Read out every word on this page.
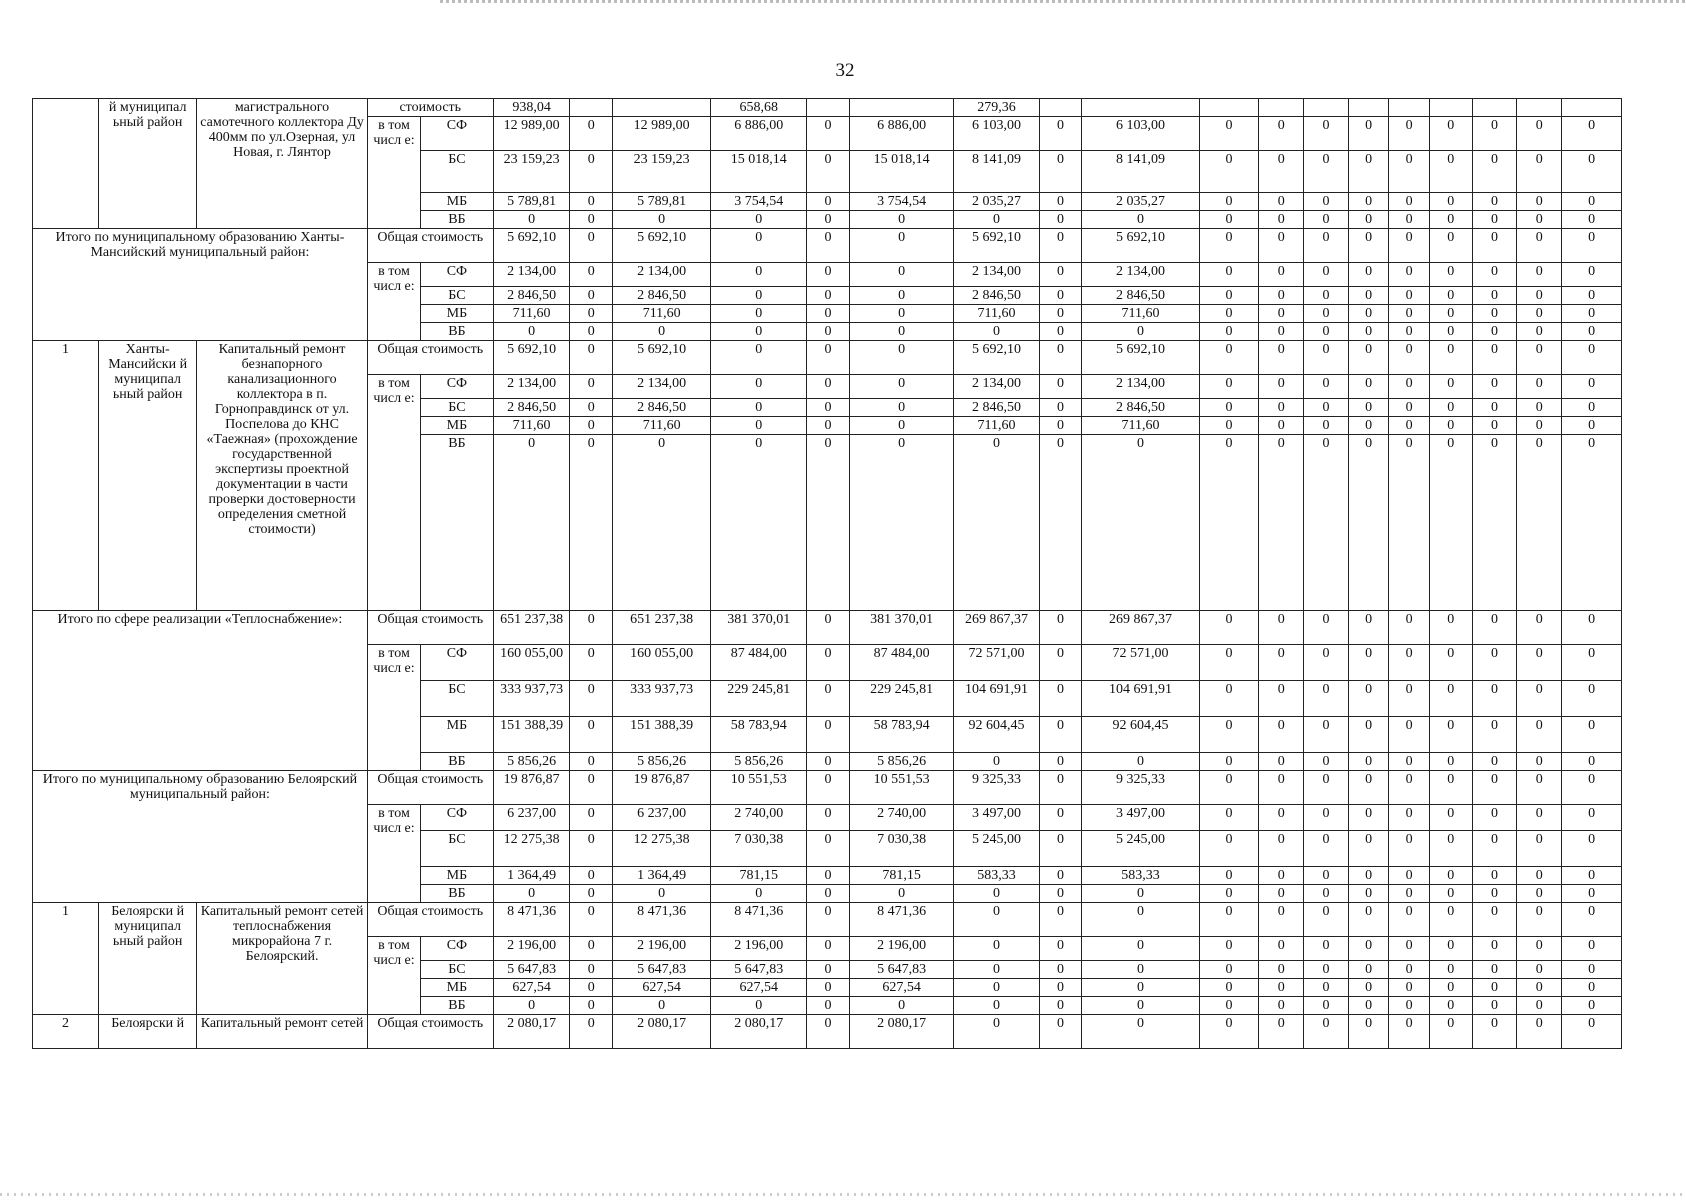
32
	й муниципал ьный район	магистрального самотечного коллектора Ду 400мм по ул.Озерная, ул Новая, г. Лянтор	стоимость		938,04			658,68			279,36											
			в том числ е:	СФ	12 989,00	0	12 989,00	6 886,00	0	6 886,00	6 103,00	0	6 103,00	0	0	0	0	0	0	0	0	0
				БС	23 159,23	0	23 159,23	15 018,14	0	15 018,14	8 141,09	0	8 141,09	0	0	0	0	0	0	0	0	0
				МБ	5 789,81	0	5 789,81	3 754,54	0	3 754,54	2 035,27	0	2 035,27	0	0	0	0	0	0	0	0	0
				ВБ	0	0	0	0	0	0	0	0	0	0	0	0	0	0	0	0	0	0
Итого по муниципальному образованию Ханты-Мансийский муниципальный район:			Общая стоимость		5 692,10	0	5 692,10	0	0	0	5 692,10	0	5 692,10	0	0	0	0	0	0	0	0	0
			в том числ е:	СФ	2 134,00	0	2 134,00	0	0	0	2 134,00	0	2 134,00	0	0	0	0	0	0	0	0	0
				БС	2 846,50	0	2 846,50	0	0	0	2 846,50	0	2 846,50	0	0	0	0	0	0	0	0	0
				МБ	711,60	0	711,60	0	0	0	711,60	0	711,60	0	0	0	0	0	0	0	0	0
				ВБ	0	0	0	0	0	0	0	0	0	0	0	0	0	0	0	0	0	0
1	Ханты-Мансийски й муниципал ьный район	Капитальный ремонт безнапорного канализационного коллектора в п. Горноправдинск от ул. Поспелова до КНС «Таежная» (прохождение государственной экспертизы проектной документации в части проверки достоверности определения сметной стоимости)	Общая стоимость		5 692,10	0	5 692,10	0	0	0	5 692,10	0	5 692,10	0	0	0	0	0	0	0	0	0
			в том числ е:	СФ	2 134,00	0	2 134,00	0	0	0	2 134,00	0	2 134,00	0	0	0	0	0	0	0	0	0
				БС	2 846,50	0	2 846,50	0	0	0	2 846,50	0	2 846,50	0	0	0	0	0	0	0	0	0
				МБ	711,60	0	711,60	0	0	0	711,60	0	711,60	0	0	0	0	0	0	0	0	0
				ВБ	0	0	0	0	0	0	0	0	0	0	0	0	0	0	0	0	0	0
Итого по сфере реализации «Теплоснабжение»:			Общая стоимость		651 237,38	0	651 237,38	381 370,01	0	381 370,01	269 867,37	0	269 867,37	0	0	0	0	0	0	0	0	0
			в том числ е:	СФ	160 055,00	0	160 055,00	87 484,00	0	87 484,00	72 571,00	0	72 571,00	0	0	0	0	0	0	0	0	0
				БС	333 937,73	0	333 937,73	229 245,81	0	229 245,81	104 691,91	0	104 691,91	0	0	0	0	0	0	0	0	0
				МБ	151 388,39	0	151 388,39	58 783,94	0	58 783,94	92 604,45	0	92 604,45	0	0	0	0	0	0	0	0	0
				ВБ	5 856,26	0	5 856,26	5 856,26	0	5 856,26	0	0	0	0	0	0	0	0	0	0	0	0
Итого по муниципальному образованию Белоярский муниципальный район:			Общая стоимость		19 876,87	0	19 876,87	10 551,53	0	10 551,53	9 325,33	0	9 325,33	0	0	0	0	0	0	0	0	0
			в том числ е:	СФ	6 237,00	0	6 237,00	2 740,00	0	2 740,00	3 497,00	0	3 497,00	0	0	0	0	0	0	0	0	0
				БС	12 275,38	0	12 275,38	7 030,38	0	7 030,38	5 245,00	0	5 245,00	0	0	0	0	0	0	0	0	0
				МБ	1 364,49	0	1 364,49	781,15	0	781,15	583,33	0	583,33	0	0	0	0	0	0	0	0	0
				ВБ	0	0	0	0	0	0	0	0	0	0	0	0	0	0	0	0	0	0
1	Белоярски й муниципал ьный район	Капитальный ремонт сетей теплоснабжения микрорайона 7 г. Белоярский.	Общая стоимость		8 471,36	0	8 471,36	8 471,36	0	8 471,36	0	0	0	0	0	0	0	0	0	0	0	0
			в том числ е:	СФ	2 196,00	0	2 196,00	2 196,00	0	2 196,00	0	0	0	0	0	0	0	0	0	0	0	0
				БС	5 647,83	0	5 647,83	5 647,83	0	5 647,83	0	0	0	0	0	0	0	0	0	0	0	0
				МБ	627,54	0	627,54	627,54	0	627,54	0	0	0	0	0	0	0	0	0	0	0	0
				ВБ	0	0	0	0	0	0	0	0	0	0	0	0	0	0	0	0	0	0
2	Белоярски й	Капитальный ремонт сетей	Общая стоимость		2 080,17	0	2 080,17	2 080,17	0	2 080,17	0	0	0	0	0	0	0	0	0	0	0	0
